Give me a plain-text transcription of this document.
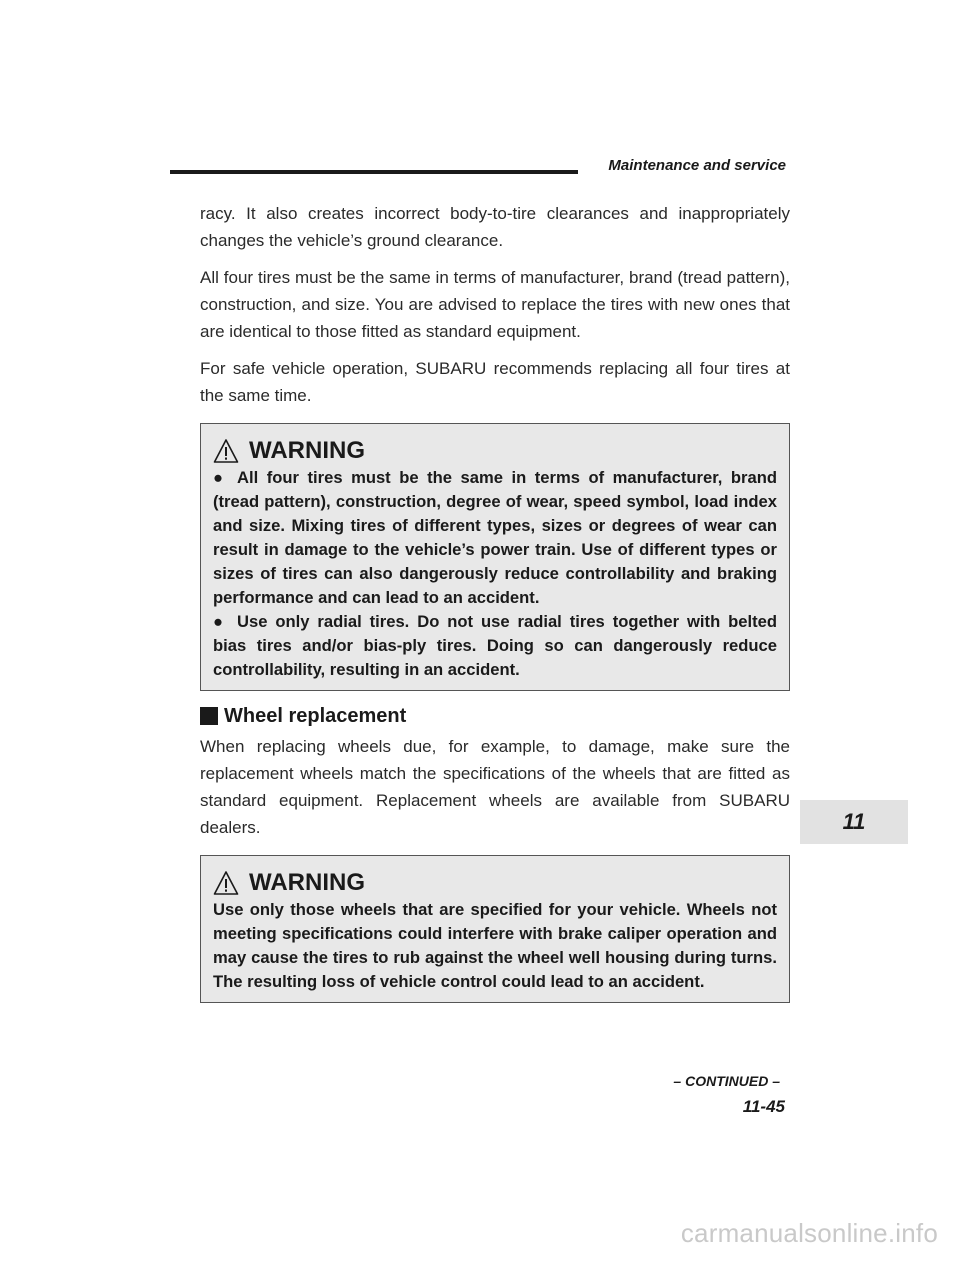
Maintenance and service

racy. It also creates incorrect body-to-tire clearances and inappropriately changes the vehicle’s ground clearance.

All four tires must be the same in terms of manufacturer, brand (tread pattern), construction, and size. You are advised to replace the tires with new ones that are identical to those fitted as standard equipment.

For safe vehicle operation, SUBARU recommends replacing all four tires at the same time.

WARNING

● All four tires must be the same in terms of manufacturer, brand (tread pattern), construction, degree of wear, speed symbol, load index and size. Mixing tires of different types, sizes or degrees of wear can result in damage to the vehicle’s power train. Use of different types or sizes of tires can also dangerously reduce controllability and braking performance and can lead to an accident.

● Use only radial tires. Do not use radial tires together with belted bias tires and/or bias-ply tires. Doing so can dangerously reduce controllability, resulting in an accident.

Wheel replacement

When replacing wheels due, for example, to damage, make sure the replacement wheels match the specifications of the wheels that are fitted as standard equipment. Replacement wheels are available from SUBARU dealers.

WARNING

Use only those wheels that are specified for your vehicle. Wheels not meeting specifications could interfere with brake caliper operation and may cause the tires to rub against the wheel well housing during turns. The resulting loss of vehicle control could lead to an accident.

11
– CONTINUED –
11-45
carmanualsonline.info
